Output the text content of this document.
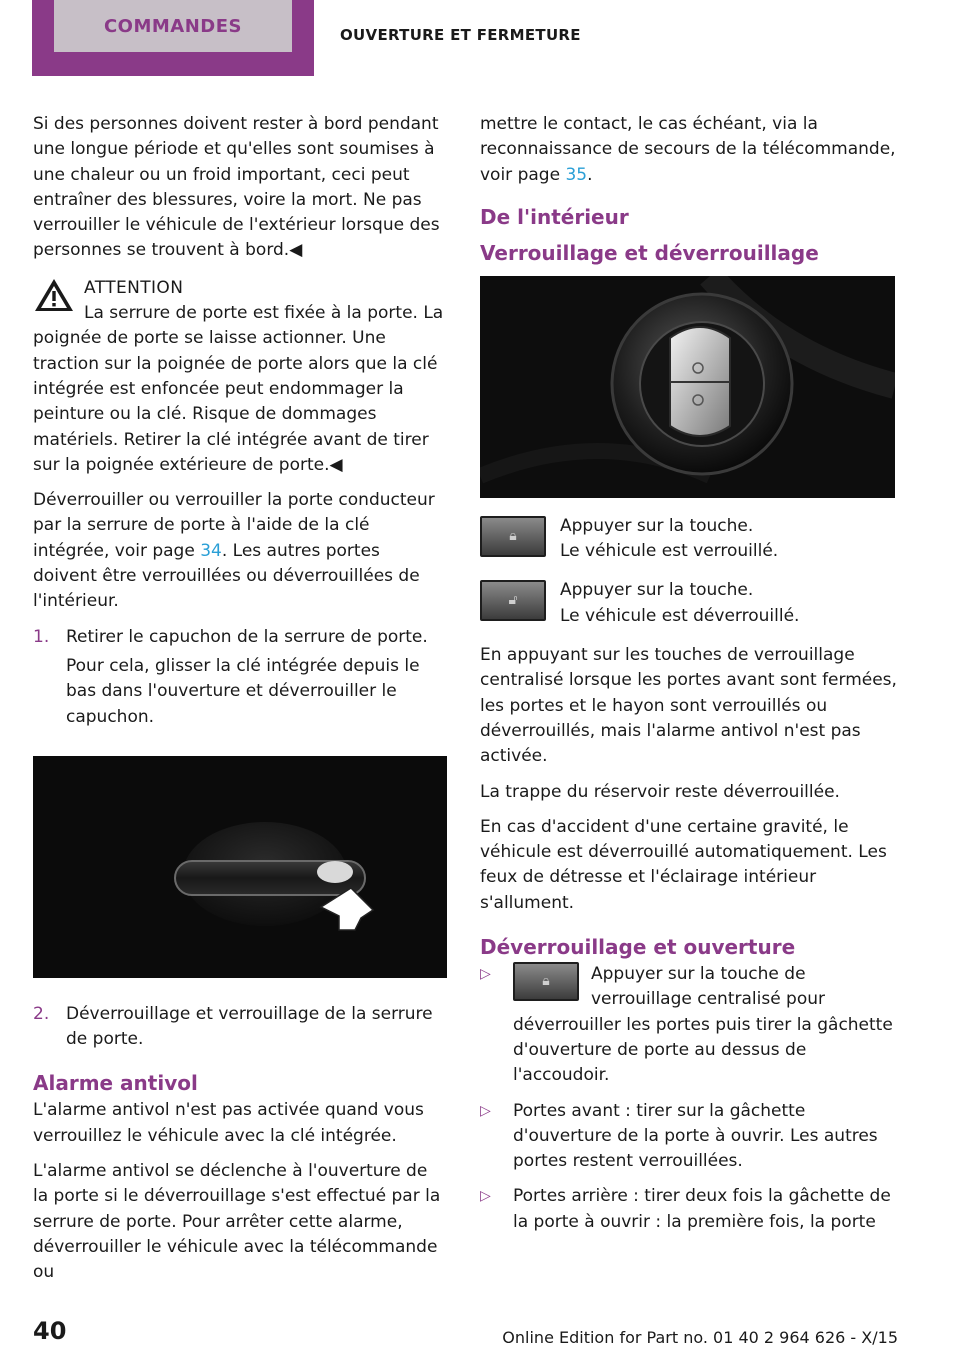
COMMANDES	OUVERTURE ET FERMETURE

Si des personnes doivent rester à bord pendant une longue période et qu'elles sont soumises à une chaleur ou un froid important, ceci peut entraîner des blessures, voire la mort. Ne pas verrouiller le véhicule de l'extérieur lorsque des personnes se trouvent à bord.◀

ATTENTION
La serrure de porte est fixée à la porte. La
poignée de porte se laisse actionner. Une traction sur la poignée de porte alors que la clé intégrée est enfoncée peut endommager la peinture ou la clé. Risque de dommages matériels. Retirer la clé intégrée avant de tirer sur la poignée extérieure de porte.◀

Déverrouiller ou verrouiller la porte conducteur par la serrure de porte à l'aide de la clé intégrée, voir page 34. Les autres portes doivent être verrouillées ou déverrouillées de l'intérieur.

1. Retirer le capuchon de la serrure de porte.
Pour cela, glisser la clé intégrée depuis le bas dans l'ouverture et déverrouiller le capuchon.
2. Déverrouillage et verrouillage de la serrure de porte.
Alarme antivol

L'alarme antivol n'est pas activée quand vous verrouillez le véhicule avec la clé intégrée.

L'alarme antivol se déclenche à l'ouverture de la porte si le déverrouillage s'est effectué par la serrure de porte. Pour arrêter cette alarme, déverrouiller le véhicule avec la télécommande ou

mettre le contact, le cas échéant, via la reconnaissance de secours de la télécommande, voir page 35.

De l'intérieur
Verrouillage et déverrouillage
🔒︎	Appuyer sur la touche.
Le véhicule est verrouillé.
🔓︎ Appuyer sur la touche.
Le véhicule est déverrouillé.

En appuyant sur les touches de verrouillage centralisé lorsque les portes avant sont fermées, les portes et le hayon sont verrouillés ou déverrouillés, mais l'alarme antivol n'est pas activée.

La trappe du réservoir reste déverrouillée.

En cas d'accident d'une certaine gravité, le véhicule est déverrouillé automatiquement. Les feux de détresse et l'éclairage intérieur s'allument.

Déverrouillage et ouverture
▷	🔒︎ Appuyer sur la touche de verrouillage centralisé pour déverrouiller les portes puis tirer la gâchette d'ouverture de porte au dessus de l'accoudoir.
▷	Portes avant : tirer sur la gâchette d'ouverture de la porte à ouvrir. Les autres portes restent verrouillées.
▷	Portes arrière : tirer deux fois la gâchette de la porte à ouvrir : la première fois, la porte
40	Online Edition for Part no. 01 40 2 964 626 - X/15
